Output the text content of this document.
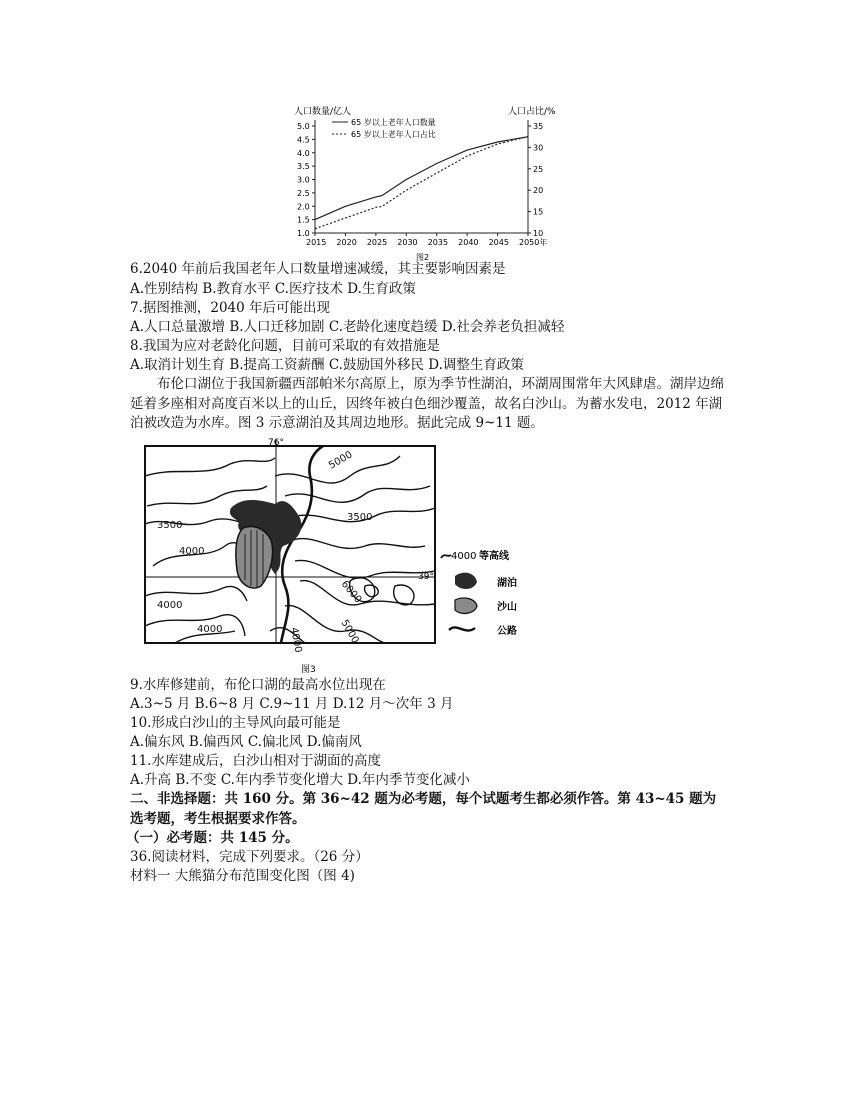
人口数量/亿人	人口占比/%
65 岁以上老年人口数量
65 岁以上老年人口占比
2015 2020 2025 2030 2035 2040 2045 2050年
1.0
1.5
2.0
2.5
3.0
3.5
4.0
4.5
5.0
10
15
20
25
30
35
图2
6.2040 年前后我国老年人口数量增速减缓，其主要影响因素是
A.性别结构 B.教育水平 C.医疗技术 D.生育政策
7.据图推测，2040 年后可能出现
A.人口总量激增 B.人口迁移加剧 C.老龄化速度趋缓 D.社会养老负担减轻
8.我国为应对老龄化问题，目前可采取的有效措施是
A.取消计划生育 B.提高工资薪酬 C.鼓励国外移民 D.调整生育政策
布伦口湖位于我国新疆西部帕米尔高原上，原为季节性湖泊，环湖周围常年大风肆虐。湖岸边绵延着多座相对高度百米以上的山丘，因终年被白色细沙覆盖，故名白沙山。为蓄水发电，2012 年湖泊被改造为水库。图 3 示意湖泊及其周边地形。据此完成 9~11 题。
76°
39°
5000
3500
3500
4000
4000
4000	5000
6000
4000
4000 等高线
湖泊
沙山
公路
图3
9.水库修建前，布伦口湖的最高水位出现在
A.3~5 月 B.6~8 月 C.9~11 月 D.12 月～次年 3 月
10.形成白沙山的主导风向最可能是
A.偏东风 B.偏西风 C.偏北风 D.偏南风
11.水库建成后，白沙山相对于湖面的高度
A.升高 B.不变 C.年内季节变化增大 D.年内季节变化减小
二、非选择题：共 160 分。第 36~42 题为必考题，每个试题考生都必须作答。第 43~45 题为选考题，考生根据要求作答。
（一）必考题：共 145 分。
36.阅读材料，完成下列要求。（26 分）
材料一 大熊猫分布范围变化图（图 4)
